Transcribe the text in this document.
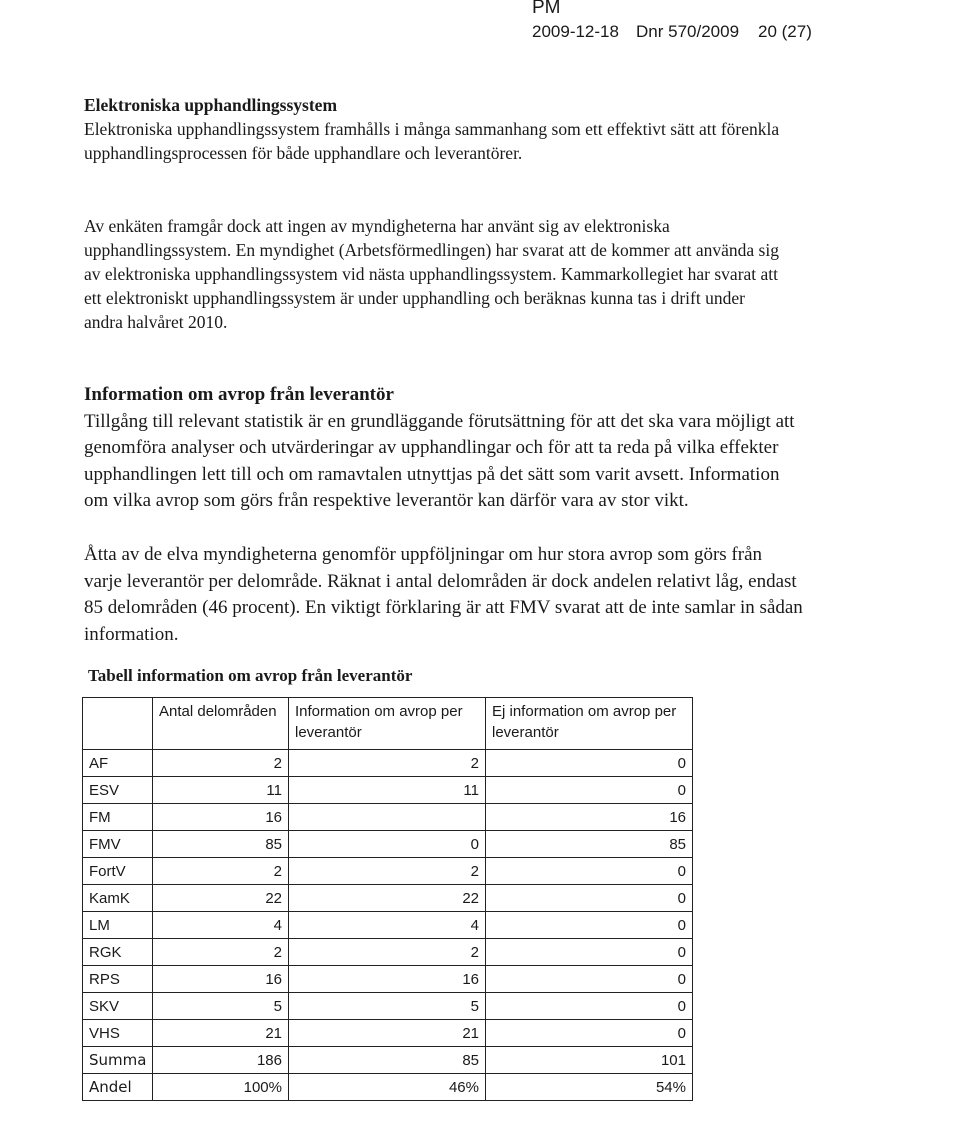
PM
2009-12-18 Dnr 570/2009 20 (27)

Elektroniska upphandlingssystem

Elektroniska upphandlingssystem framhålls i många sammanhang som ett effektivt sätt att förenkla upphandlingsprocessen för både upphandlare och leverantörer.

Av enkäten framgår dock att ingen av myndigheterna har använt sig av elektroniska upphandlingssystem. En myndighet (Arbetsförmedlingen) har svarat att de kommer att använda sig av elektroniska upphandlingssystem vid nästa upphandlingssystem. Kammarkollegiet har svarat att ett elektroniskt upphandlingssystem är under upphandling och beräknas kunna tas i drift under andra halvåret 2010.

Information om avrop från leverantör

Tillgång till relevant statistik är en grundläggande förutsättning för att det ska vara möjligt att genomföra analyser och utvärderingar av upphandlingar och för att ta reda på vilka effekter upphandlingen lett till och om ramavtalen utnyttjas på det sätt som varit avsett. Information om vilka avrop som görs från respektive leverantör kan därför vara av stor vikt.

Åtta av de elva myndigheterna genomför uppföljningar om hur stora avrop som görs från varje leverantör per delområde. Räknat i antal delområden är dock andelen relativt låg, endast 85 delområden (46 procent). En viktigt förklaring är att FMV svarat att de inte samlar in sådan information.

Tabell information om avrop från leverantör
	Antal delområden	Information om avrop per leverantör	Ej information om avrop per leverantör
AF	2	2	0
ESV	11	11	0
FM	16		16
FMV	85	0	85
FortV	2	2	0
KamK	22	22	0
LM	4	4	0
RGK	2	2	0
RPS	16	16	0
SKV	5	5	0
VHS	21	21	0
Summa	186	85	101
Andel	100%	46%	54%
